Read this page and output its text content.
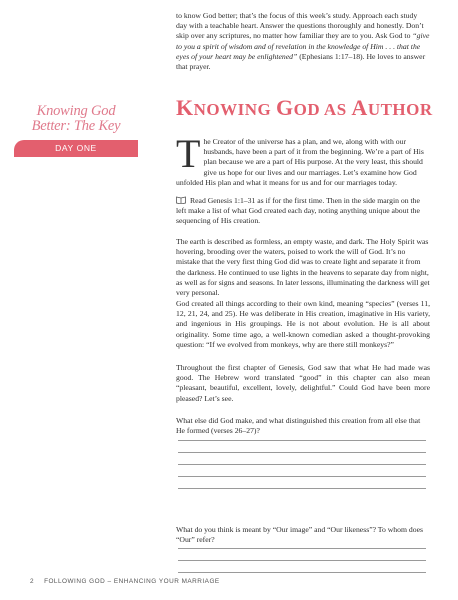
to know God better; that’s the focus of this week’s study. Approach each study day with a teachable heart. Answer the questions thoroughly and honestly. Don’t skip over any scriptures, no matter how familiar they are to you. Ask God to “give to you a spirit of wisdom and of revelation in the knowledge of Him . . . that the eyes of your heart may be enlightened” (Ephesians 1:17–18). He loves to answer that prayer.

Knowing God
Better: The Key
DAY ONE
KNOWING GOD AS AUTHOR
The Creator of the universe has a plan, and we, along with with our husbands, have been a part of it from the beginning. We’re a part of His plan because we are a part of His purpose. At the very least, this should give us hope for our lives and our marriages. Let’s examine how God unfolded His plan and what it means for us and for our marriages today.
Read Genesis 1:1–31 as if for the first time. Then in the side margin on the left make a list of what God created each day, noting anything unique about the sequencing of His creation.
The earth is described as formless, an empty waste, and dark. The Holy Spirit was hovering, brooding over the waters, poised to work the will of God. It’s no mistake that the very first thing God did was to create light and separate it from the darkness. He continued to use lights in the heavens to separate day from night, as well as for signs and seasons. In later lessons, illuminating the darkness will get very personal.
God created all things according to their own kind, meaning “species” (verses 11, 12, 21, 24, and 25). He was deliberate in His creation, imaginative in His variety, and ingenious in His groupings. He is not about evolution. He is all about originality. Some time ago, a well-known comedian asked a thought-provoking question: “If we evolved from monkeys, why are there still monkeys?”
Throughout the first chapter of Genesis, God saw that what He had made was good. The Hebrew word translated “good” in this chapter can also mean “pleasant, beautiful, excellent, lovely, delightful.” Could God have been more pleased? Let’s see.
What else did God make, and what distinguished this creation from all else that He formed (verses 26–27)?
What do you think is meant by “Our image” and “Our likeness”? To whom does “Our” refer?
2 FOLLOWING GOD – ENHANCING YOUR MARRIAGE
